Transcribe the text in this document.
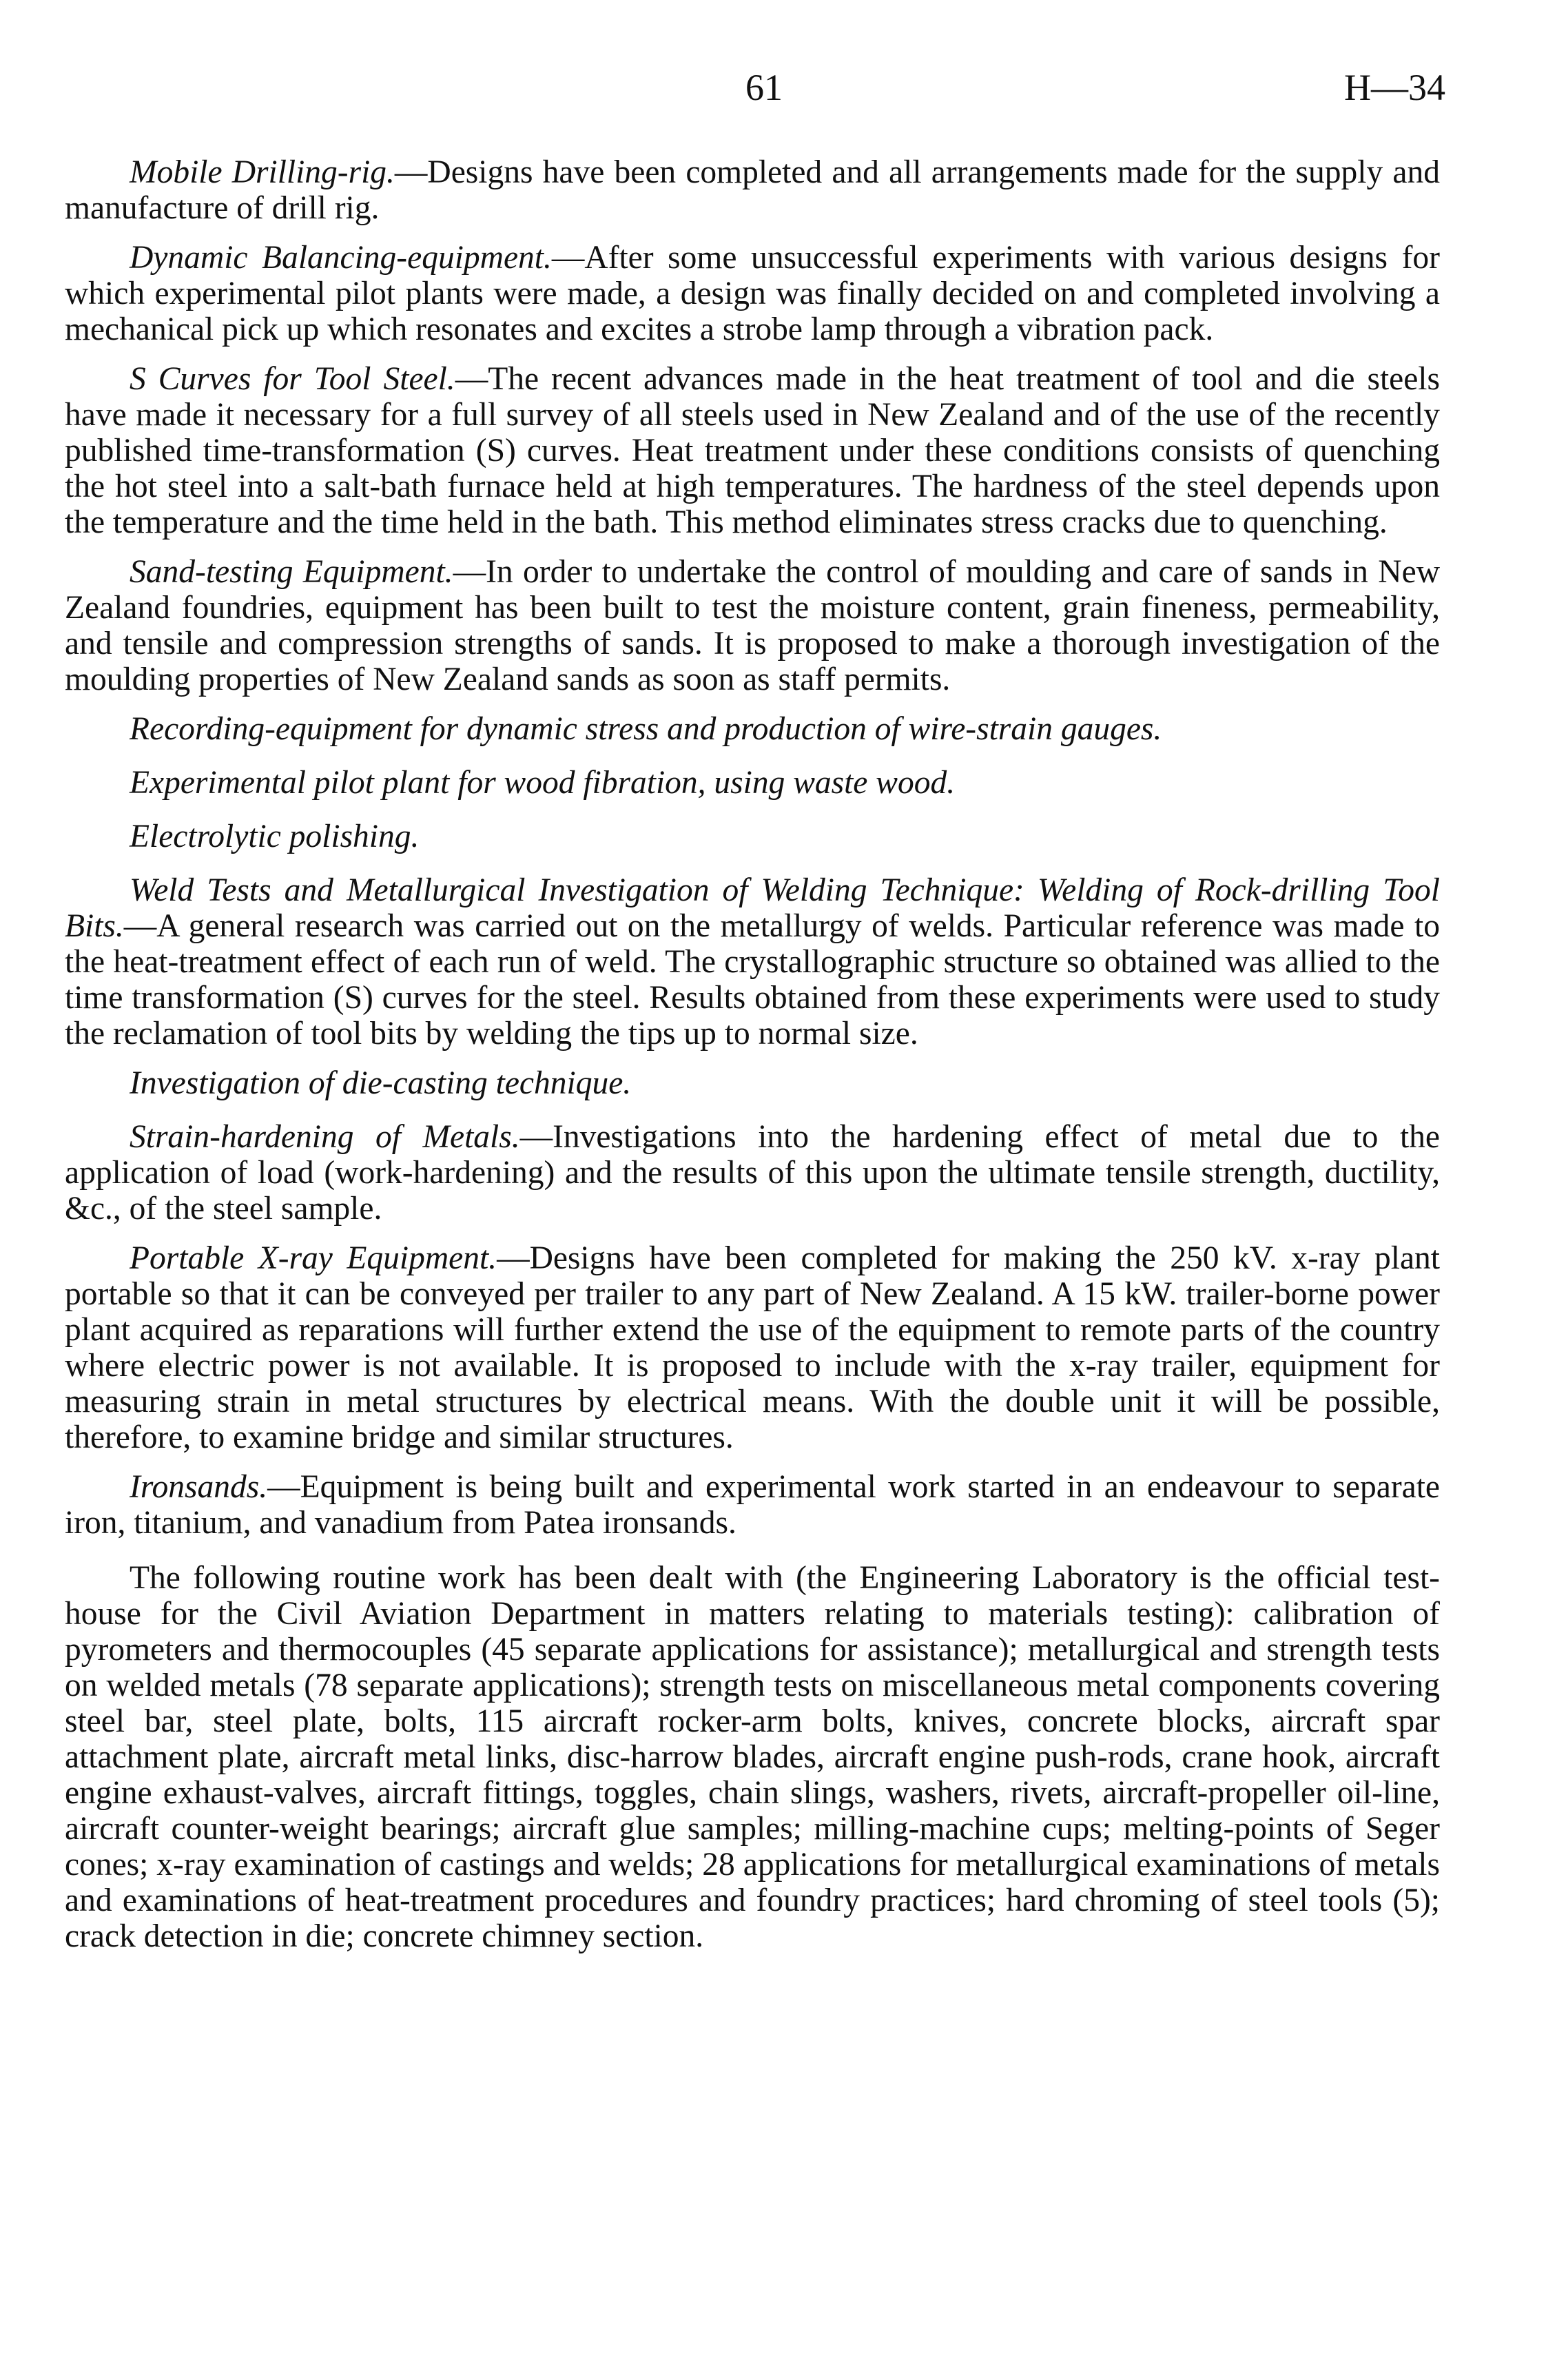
61	H—34

Mobile Drilling-rig.—Designs have been completed and all arrangements made for the supply and manufacture of drill rig.

Dynamic Balancing-equipment.—After some unsuccessful experiments with various designs for which experimental pilot plants were made, a design was finally decided on and completed involving a mechanical pick up which resonates and excites a strobe lamp through a vibration pack.

S Curves for Tool Steel.—The recent advances made in the heat treatment of tool and die steels have made it necessary for a full survey of all steels used in New Zealand and of the use of the recently published time-transformation (S) curves. Heat treatment under these conditions consists of quenching the hot steel into a salt-bath furnace held at high temperatures. The hardness of the steel depends upon the temperature and the time held in the bath. This method eliminates stress cracks due to quenching.

Sand-testing Equipment.—In order to undertake the control of moulding and care of sands in New Zealand foundries, equipment has been built to test the moisture content, grain fineness, permeability, and tensile and compression strengths of sands. It is proposed to make a thorough investigation of the moulding properties of New Zealand sands as soon as staff permits.

Recording-equipment for dynamic stress and production of wire-strain gauges.

Experimental pilot plant for wood fibration, using waste wood.

Electrolytic polishing.

Weld Tests and Metallurgical Investigation of Welding Technique: Welding of Rock-drilling Tool Bits.—A general research was carried out on the metallurgy of welds. Particular reference was made to the heat-treatment effect of each run of weld. The crystallographic structure so obtained was allied to the time transformation (S) curves for the steel. Results obtained from these experiments were used to study the reclamation of tool bits by welding the tips up to normal size.

Investigation of die-casting technique.

Strain-hardening of Metals.—Investigations into the hardening effect of metal due to the application of load (work-hardening) and the results of this upon the ultimate tensile strength, ductility, &c., of the steel sample.

Portable X-ray Equipment.—Designs have been completed for making the 250 kV. x-ray plant portable so that it can be conveyed per trailer to any part of New Zealand. A 15 kW. trailer-borne power plant acquired as reparations will further extend the use of the equipment to remote parts of the country where electric power is not available. It is proposed to include with the x-ray trailer, equipment for measuring strain in metal structures by electrical means. With the double unit it will be possible, therefore, to examine bridge and similar structures.

Ironsands.—Equipment is being built and experimental work started in an endeavour to separate iron, titanium, and vanadium from Patea ironsands.

The following routine work has been dealt with (the Engineering Laboratory is the official test-house for the Civil Aviation Department in matters relating to materials testing): calibration of pyrometers and thermocouples (45 separate applications for assistance); metallurgical and strength tests on welded metals (78 separate applications); strength tests on miscellaneous metal components covering steel bar, steel plate, bolts, 115 aircraft rocker-arm bolts, knives, concrete blocks, aircraft spar attachment plate, aircraft metal links, disc-harrow blades, aircraft engine push-rods, crane hook, aircraft engine exhaust-valves, aircraft fittings, toggles, chain slings, washers, rivets, aircraft-propeller oil-line, aircraft counter-weight bearings; aircraft glue samples; milling-machine cups; melting-points of Seger cones; x-ray examination of castings and welds; 28 applications for metallurgical examinations of metals and examinations of heat-treatment procedures and foundry practices; hard chroming of steel tools (5); crack detection in die; concrete chimney section.
